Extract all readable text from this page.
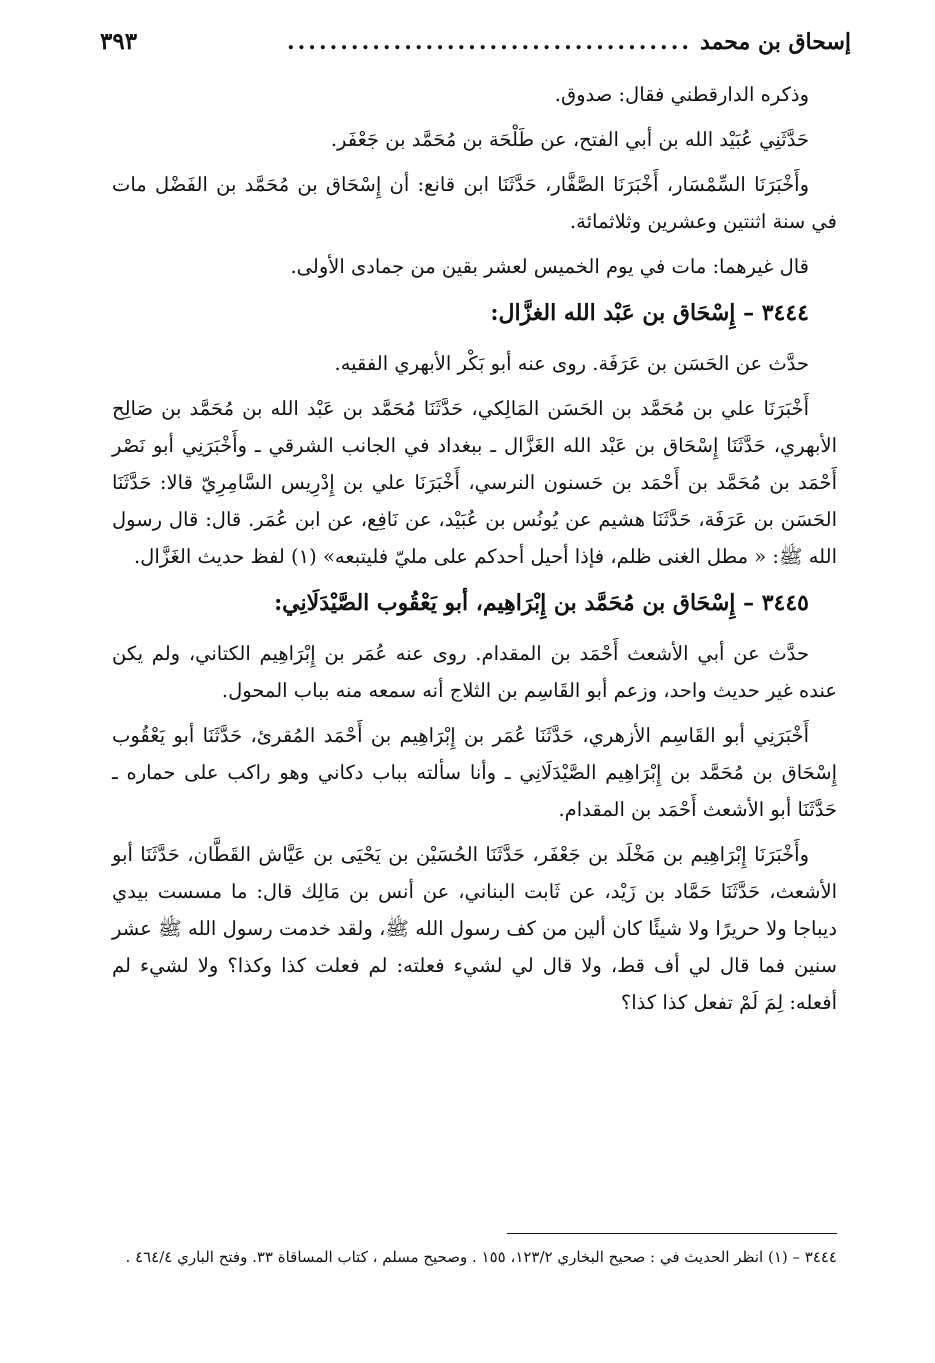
إسحاق بن محمد
......................................
٣٩٣

وذكره الدارقطني فقال: صدوق.

حَدَّثَنِي عُبَيْد الله بن أبي الفتح، عن طَلْحَة بن مُحَمَّد بن جَعْفَر.

وأَخْبَرَنَا السِّمْسَار، أَخْبَرَنَا الصَّفَّار، حَدَّثَنَا ابن قانع: أن إِسْحَاق بن مُحَمَّد بن الفَضْل مات في سنة اثنتين وعشرين وثلاثمائة.

قال غيرهما: مات في يوم الخميس لعشر بقين من جمادى الأولى.

٣٤٤٤ – إِسْحَاق بن عَبْد الله الغزَّال:

حدَّث عن الحَسَن بن عَرَفَة. روى عنه أبو بَكْر الأبهري الفقيه.

أَخْبَرَنَا علي بن مُحَمَّد بن الحَسَن المَالِكي، حَدَّثَنَا مُحَمَّد بن عَبْد الله بن مُحَمَّد بن صَالِح الأبهري، حَدَّثَنَا إِسْحَاق بن عَبْد الله الغَزَّال ـ ببغداد في الجانب الشرقي ـ وأَخْبَرَنِي أبو نَصْر أَحْمَد بن مُحَمَّد بن أَحْمَد بن حَسنون النرسي، أَخْبَرَنَا علي بن إِدْرِيس السَّامِرِيّ قالا: حَدَّثَنَا الحَسَن بن عَرَفَة، حَدَّثَنَا هشيم عن يُونُس بن عُبَيْد، عن نَافِع، عن ابن عُمَر. قال: قال رسول الله ﷺ: « مطل الغنى ظلم، فإذا أحيل أحدكم على مليّ فليتبعه» (١) لفظ حديث الغَزَّال.

٣٤٤٥ – إِسْحَاق بن مُحَمَّد بن إِبْرَاهِيم، أبو يَعْقُوب الصَّيْدَلَانِي:

حدَّث عن أبي الأشعث أَحْمَد بن المقدام. روى عنه عُمَر بن إِبْرَاهِيم الكتاني، ولم يكن عنده غير حديث واحد، وزعم أبو القَاسِم بن الثلاج أنه سمعه منه بباب المحول.

أَخْبَرَنِي أبو القَاسِم الأزهري، حَدَّثَنَا عُمَر بن إِبْرَاهِيم بن أَحْمَد المُقرئ، حَدَّثَنَا أبو يَعْقُوب إِسْحَاق بن مُحَمَّد بن إِبْرَاهِيم الصَّيْدَلَانِي ـ وأنا سألته بباب دكاني وهو راكب على حماره ـ حَدَّثَنَا أبو الأشعث أَحْمَد بن المقدام.

وأَخْبَرَنَا إِبْرَاهِيم بن مَخْلَد بن جَعْفَر، حَدَّثَنَا الحُسَيْن بن يَحْيَى بن عَيَّاش القَطَّان، حَدَّثَنَا أبو الأشعث، حَدَّثَنَا حَمَّاد بن زَيْد، عن ثَابت البناني، عن أنس بن مَالِك قال: ما مسست بيدي ديباجا ولا حريرًا ولا شيئًا كان ألين من كف رسول الله ﷺ، ولقد خدمت رسول الله ﷺ عشر سنين فما قال لي أف قط، ولا قال لي لشيء فعلته: لم فعلت كذا وكذا؟ ولا لشيء لم أفعله: لِمَ لَمْ تفعل كذا كذا؟

٣٤٤٤ – (١) انظر الحديث في : صحيح البخاري ١٢٣/٢، ١٥٥ . وصحيح مسلم ، كتاب المساقاة ٣٣. وفتح الباري ٤٦٤/٤ .
